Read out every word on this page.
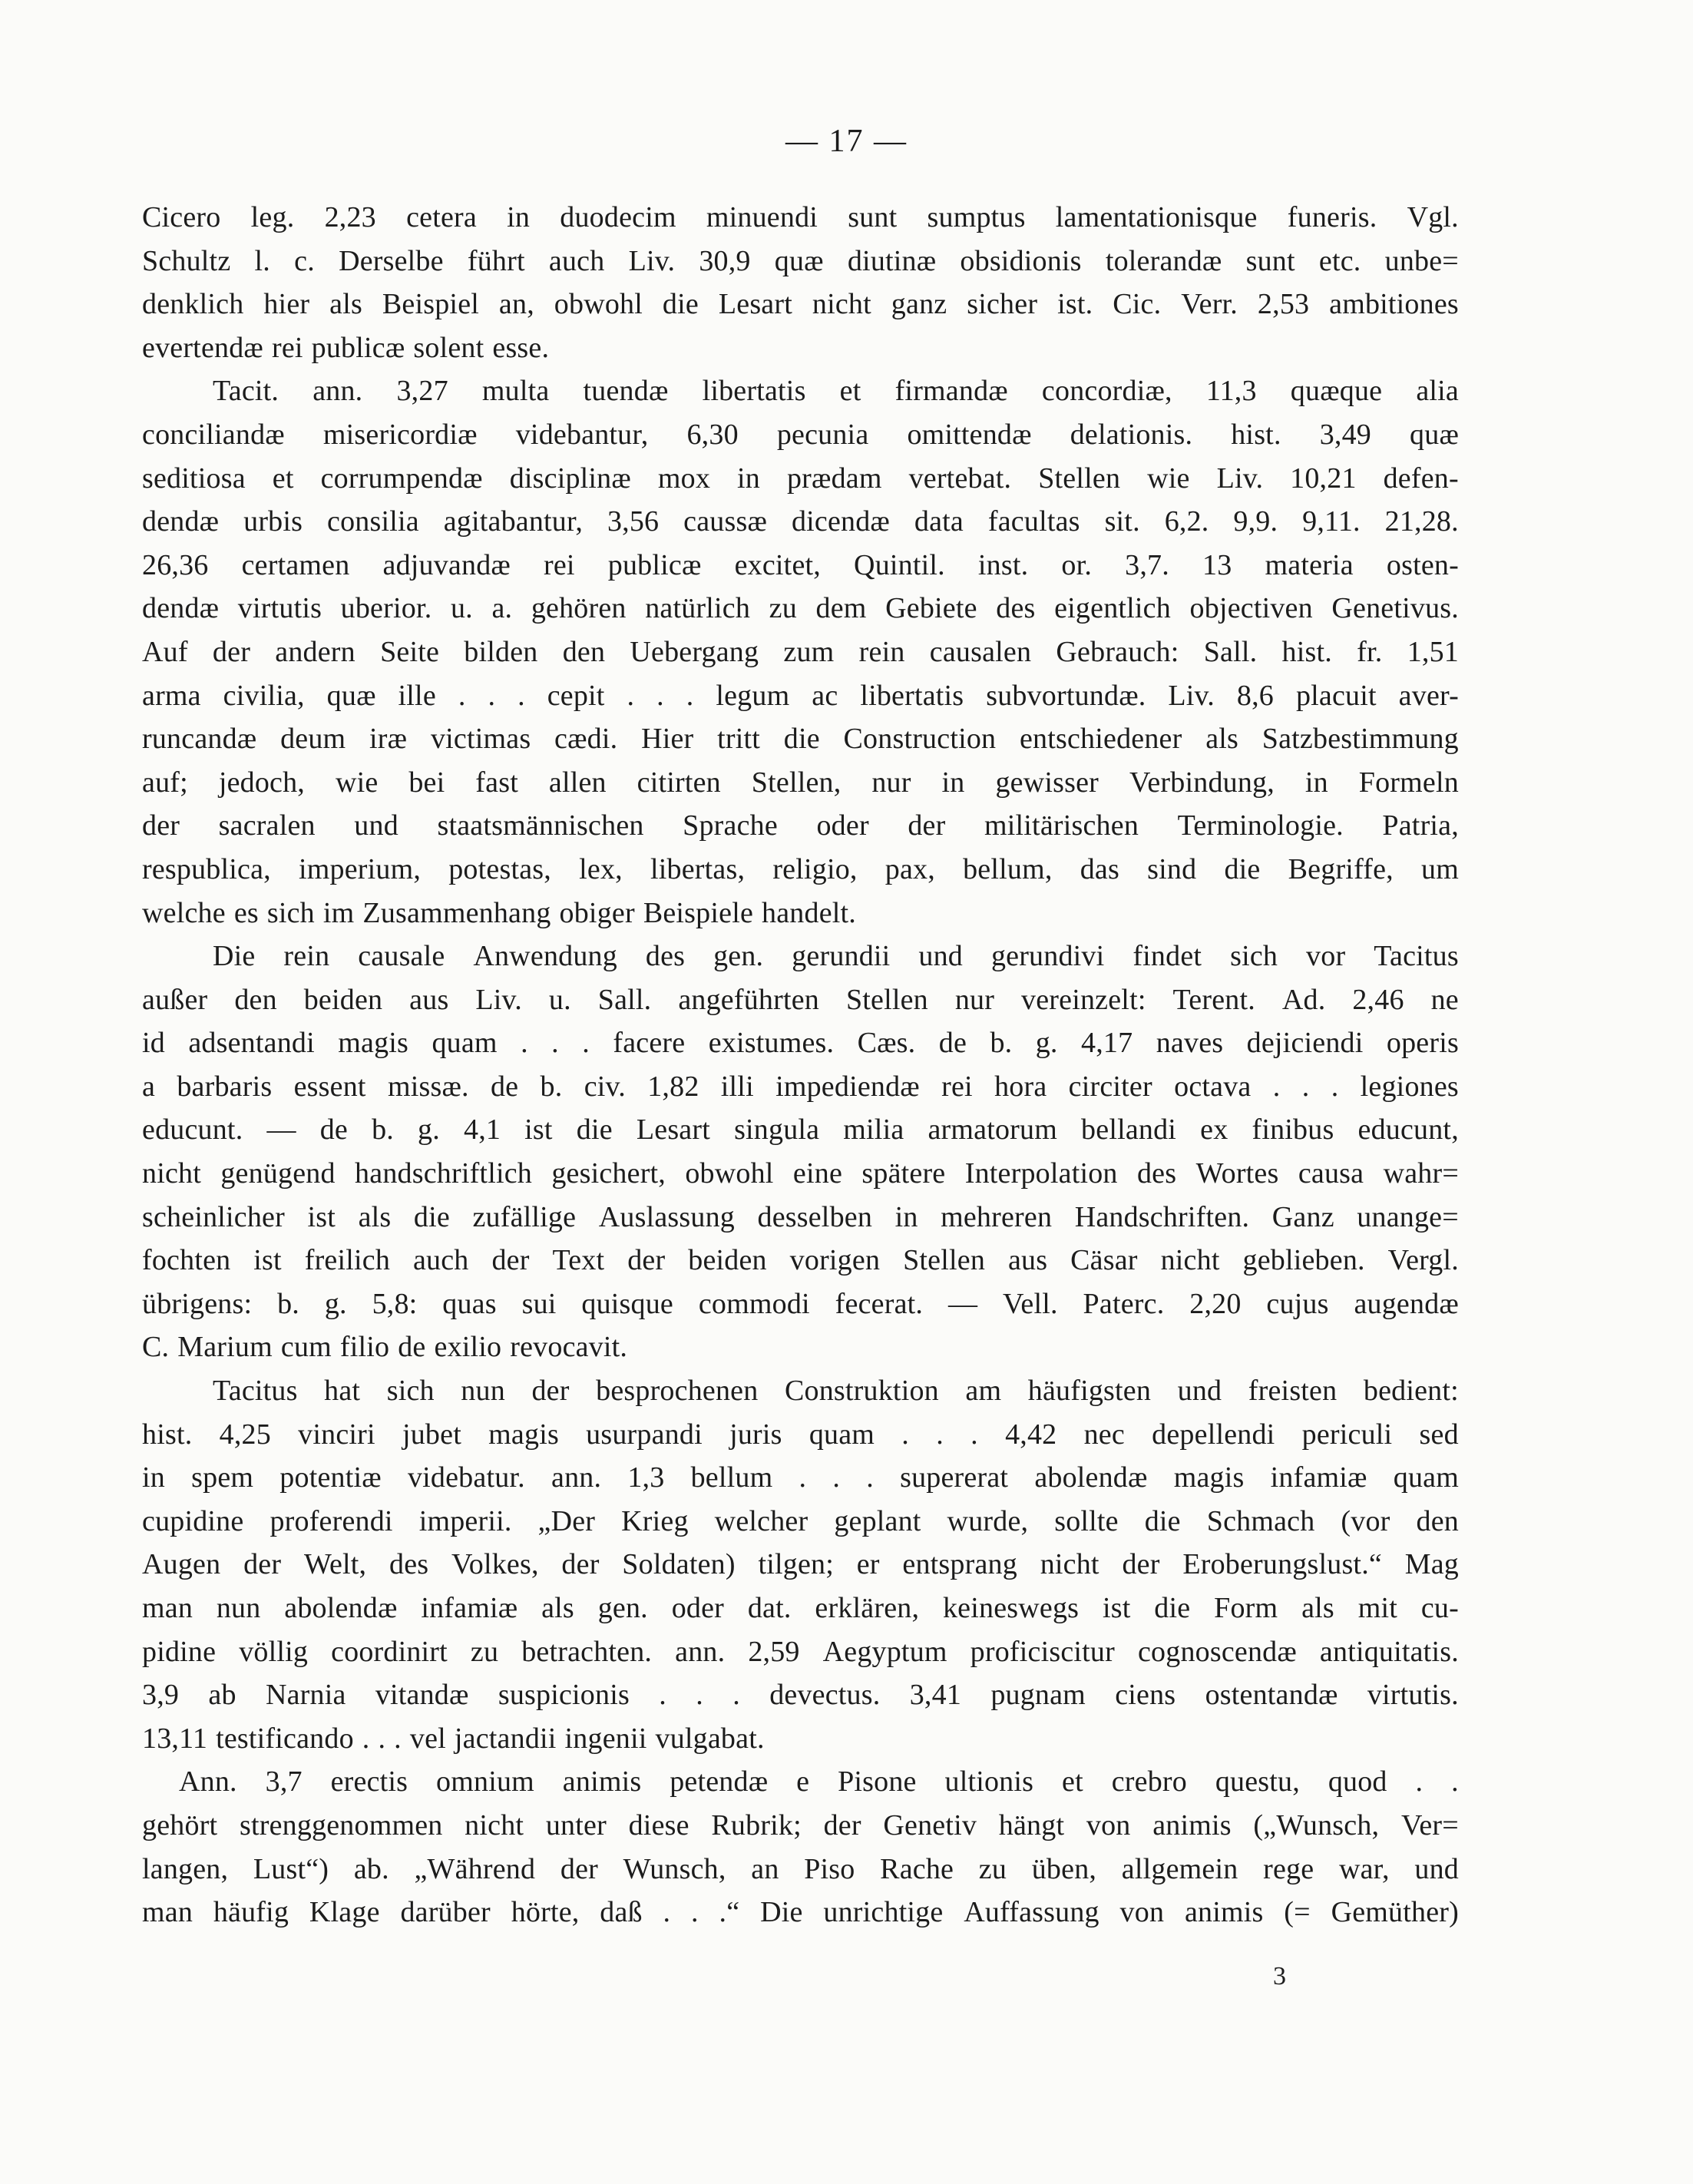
— 17 —
Cicero leg. 2,23 cetera in duodecim minuendi sunt sumptus lamentationisque funeris. Vgl.
Schultz l. c. Derselbe führt auch Liv. 30,9 quæ diutinæ obsidionis tolerandæ sunt etc. unbe=
denklich hier als Beispiel an, obwohl die Lesart nicht ganz sicher ist. Cic. Verr. 2,53 ambitiones
evertendæ rei publicæ solent esse.
Tacit. ann. 3,27 multa tuendæ libertatis et firmandæ concordiæ, 11,3 quæque alia
conciliandæ misericordiæ videbantur, 6,30 pecunia omittendæ delationis. hist. 3,49 quæ
seditiosa et corrumpendæ disciplinæ mox in prædam vertebat. Stellen wie Liv. 10,21 defen-
dendæ urbis consilia agitabantur, 3,56 caussæ dicendæ data facultas sit. 6,2. 9,9. 9,11. 21,28.
26,36 certamen adjuvandæ rei publicæ excitet, Quintil. inst. or. 3,7. 13 materia osten-
dendæ virtutis uberior. u. a. gehören natürlich zu dem Gebiete des eigentlich objectiven Genetivus.
Auf der andern Seite bilden den Uebergang zum rein causalen Gebrauch: Sall. hist. fr. 1,51
arma civilia, quæ ille . . . cepit . . . legum ac libertatis subvortundæ. Liv. 8,6 placuit aver-
runcandæ deum iræ victimas cædi. Hier tritt die Construction entschiedener als Satzbestimmung
auf; jedoch, wie bei fast allen citirten Stellen, nur in gewisser Verbindung, in Formeln
der sacralen und staatsmännischen Sprache oder der militärischen Terminologie. Patria,
respublica, imperium, potestas, lex, libertas, religio, pax, bellum, das sind die Begriffe, um
welche es sich im Zusammenhang obiger Beispiele handelt.
Die rein causale Anwendung des gen. gerundii und gerundivi findet sich vor Tacitus
außer den beiden aus Liv. u. Sall. angeführten Stellen nur vereinzelt: Terent. Ad. 2,46 ne
id adsentandi magis quam . . . facere existumes. Cæs. de b. g. 4,17 naves dejiciendi operis
a barbaris essent missæ. de b. civ. 1,82 illi impediendæ rei hora circiter octava . . . legiones
educunt. — de b. g. 4,1 ist die Lesart singula milia armatorum bellandi ex finibus educunt,
nicht genügend handschriftlich gesichert, obwohl eine spätere Interpolation des Wortes causa wahr=
scheinlicher ist als die zufällige Auslassung desselben in mehreren Handschriften. Ganz unange=
fochten ist freilich auch der Text der beiden vorigen Stellen aus Cäsar nicht geblieben. Vergl.
übrigens: b. g. 5,8: quas sui quisque commodi fecerat. — Vell. Paterc. 2,20 cujus augendæ
C. Marium cum filio de exilio revocavit.
Tacitus hat sich nun der besprochenen Construktion am häufigsten und freisten bedient:
hist. 4,25 vinciri jubet magis usurpandi juris quam . . . 4,42 nec depellendi periculi sed
in spem potentiæ videbatur. ann. 1,3 bellum . . . supererat abolendæ magis infamiæ quam
cupidine proferendi imperii. „Der Krieg welcher geplant wurde, sollte die Schmach (vor den
Augen der Welt, des Volkes, der Soldaten) tilgen; er entsprang nicht der Eroberungslust.“ Mag
man nun abolendæ infamiæ als gen. oder dat. erklären, keineswegs ist die Form als mit cu-
pidine völlig coordinirt zu betrachten. ann. 2,59 Aegyptum proficiscitur cognoscendæ antiquitatis.
3,9 ab Narnia vitandæ suspicionis . . . devectus. 3,41 pugnam ciens ostentandæ virtutis.
13,11 testificando . . . vel jactandii ingenii vulgabat.
Ann. 3,7 erectis omnium animis petendæ e Pisone ultionis et crebro questu, quod . .
gehört strenggenommen nicht unter diese Rubrik; der Genetiv hängt von animis („Wunsch, Ver=
langen, Lust“) ab. „Während der Wunsch, an Piso Rache zu üben, allgemein rege war, und
man häufig Klage darüber hörte, daß . . .“ Die unrichtige Auffassung von animis (= Gemüther)
3
